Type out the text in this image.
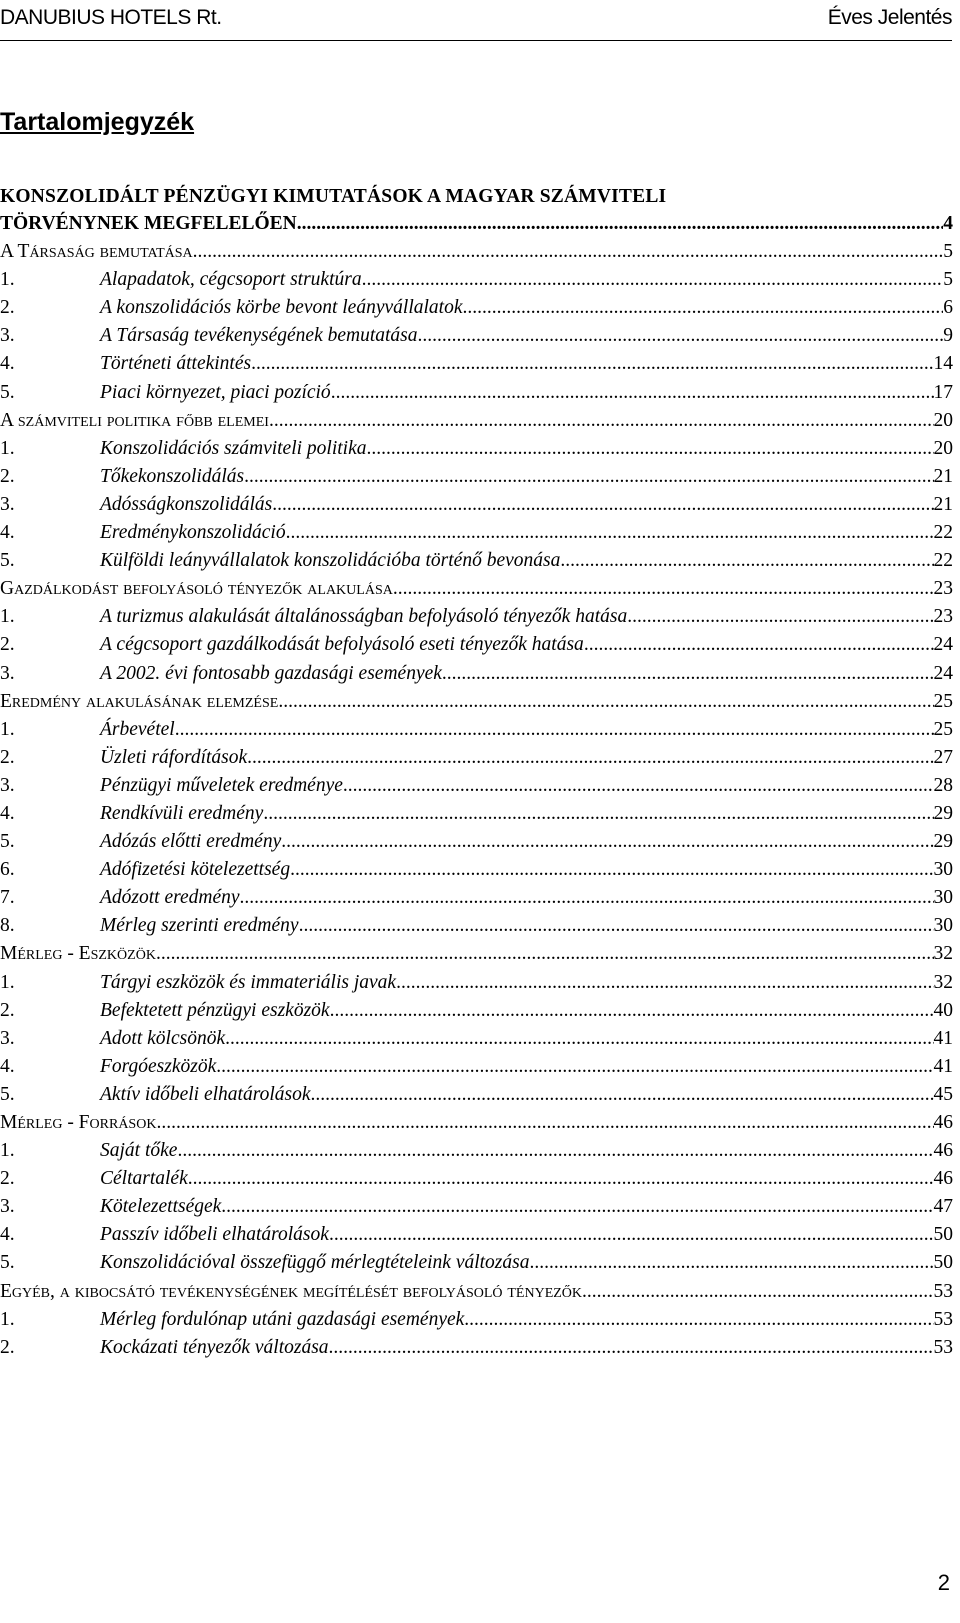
DANUBIUS HOTELS Rt.	Éves Jelentés
Tartalomjegyzék
KONSZOLIDÁLT PÉNZÜGYI KIMUTATÁSOK A MAGYAR SZÁMVITELI
TÖRVÉNYNEK MEGFELELŐEN .....	4
A Társaság bemutatása .....	5
1.	Alapadatok, cégcsoport struktúra .....	5
2.	A konszolidációs körbe bevont leányvállalatok .....	6
3.	A Társaság tevékenységének bemutatása .....	9
4.	Történeti áttekintés .....	14
5.	Piaci környezet, piaci pozíció .....	17
A számviteli politika főbb elemei .....	20
1.	Konszolidációs számviteli politika .....	20
2.	Tőkekonszolidálás .....	21
3.	Adósságkonszolidálás .....	21
4.	Eredménykonszolidáció .....	22
5.	Külföldi leányvállalatok konszolidációba történő bevonása .....	22
Gazdálkodást befolyásoló tényezők alakulása .....	23
1.	A turizmus alakulását általánosságban befolyásoló tényezők hatása .....	23
2.	A cégcsoport gazdálkodását befolyásoló eseti tényezők hatása .....	24
3.	A 2002. évi fontosabb gazdasági események .....	24
Eredmény alakulásának elemzése .....	25
1.	Árbevétel .....	25
2.	Üzleti ráfordítások .....	27
3.	Pénzügyi műveletek eredménye .....	28
4.	Rendkívüli eredmény .....	29
5.	Adózás előtti eredmény .....	29
6.	Adófizetési kötelezettség .....	30
7.	Adózott eredmény .....	30
8.	Mérleg szerinti eredmény .....	30
Mérleg - Eszközök .....	32
1.	Tárgyi eszközök és immateriális javak .....	32
2.	Befektetett pénzügyi eszközök .....	40
3.	Adott kölcsönök .....	41
4.	Forgóeszközök .....	41
5.	Aktív időbeli elhatárolások .....	45
Mérleg - Források .....	46
1.	Saját tőke .....	46
2.	Céltartalék .....	46
3.	Kötelezettségek .....	47
4.	Passzív időbeli elhatárolások .....	50
5.	Konszolidációval összefüggő mérlegtételeink változása .....	50
Egyéb, a kibocsátó tevékenységének megítélését befolyásoló tényezők .....	53
1.	Mérleg fordulónap utáni gazdasági események .....	53
2.	Kockázati tényezők változása .....	53
2
